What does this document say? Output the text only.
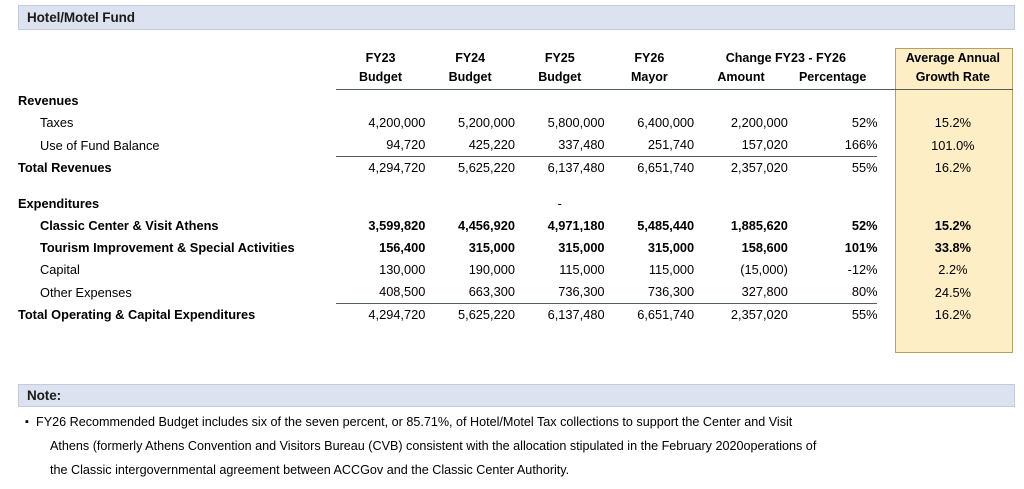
Hotel/Motel Fund
	FY23	FY24	FY25	FY26	Change FY23 - FY26			Average Annual
	Budget	Budget	Budget	Mayor	Amount	Percentage		Growth Rate

Revenues								
Taxes	4,200,000	5,200,000	5,800,000	6,400,000	2,200,000	52%		15.2%
Use of Fund Balance	94,720	425,220	337,480	251,740	157,020	166%		101.0%
Total Revenues	4,294,720	5,625,220	6,137,480	6,651,740	2,357,020	55%		16.2%

Expenditures			-					
Classic Center & Visit Athens	3,599,820	4,456,920	4,971,180	5,485,440	1,885,620	52%		15.2%
Tourism Improvement & Special Activities	156,400	315,000	315,000	315,000	158,600	101%		33.8%
Capital	130,000	190,000	115,000	115,000	(15,000)	-12%		2.2%
Other Expenses	408,500	663,300	736,300	736,300	327,800	80%		24.5%
Total Operating & Capital Expenditures	4,294,720	5,625,220	6,137,480	6,651,740	2,357,020	55%		16.2%
Note:
▪ FY26 Recommended Budget includes six of the seven percent, or 85.71%, of Hotel/Motel Tax collections to support the Center and Visit
Athens (formerly Athens Convention and Visitors Bureau (CVB) consistent with the allocation stipulated in the February 2020operations of
the Classic intergovernmental agreement between ACCGov and the Classic Center Authority.
